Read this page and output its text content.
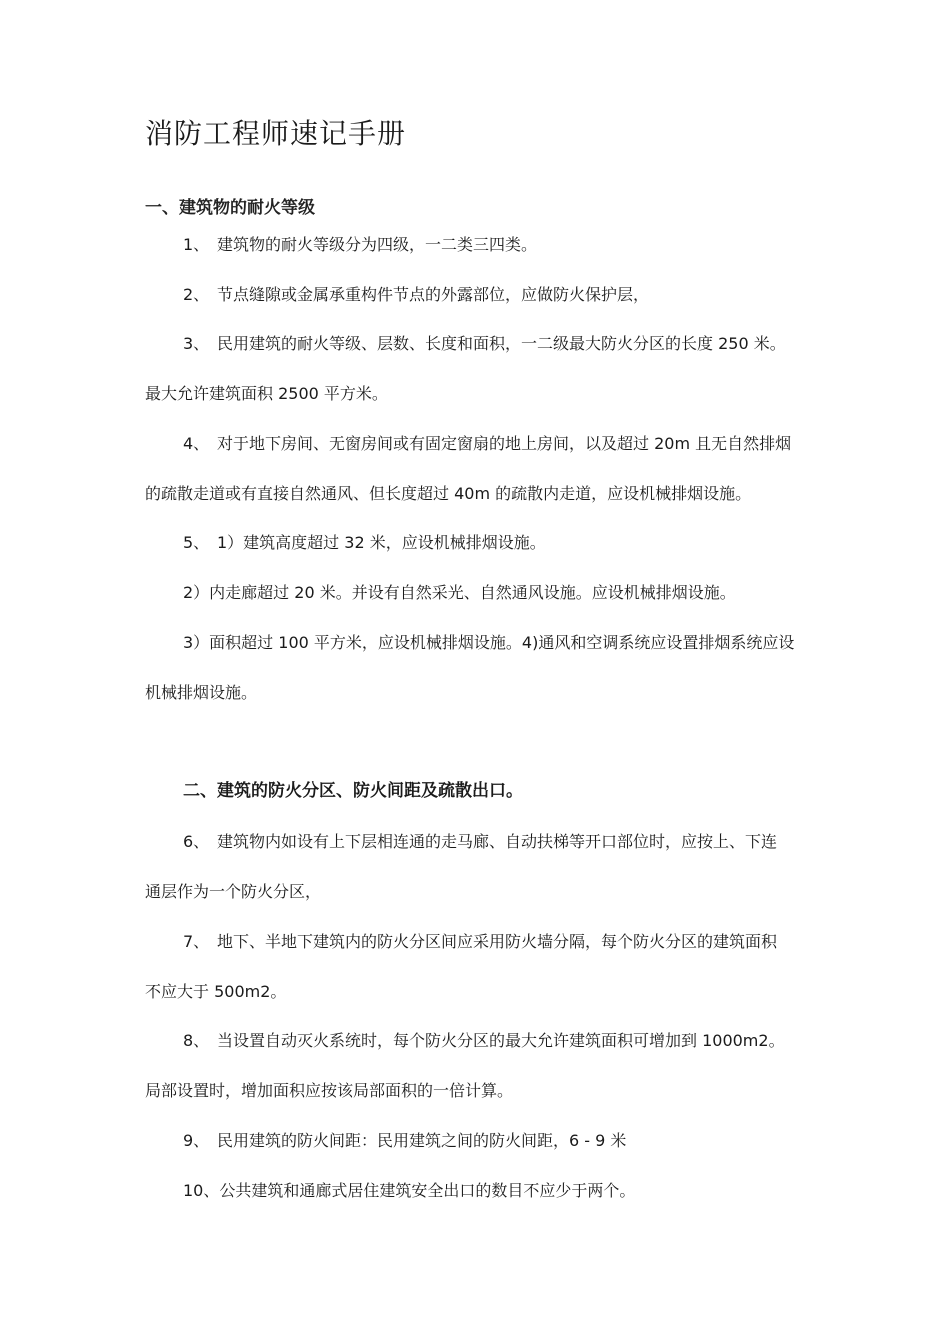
消防工程师速记手册
一、建筑物的耐火等级

1、 建筑物的耐火等级分为四级，一二类三四类。

2、 节点缝隙或金属承重构件节点的外露部位，应做防火保护层，

3、 民用建筑的耐火等级、层数、长度和面积，一二级最大防火分区的长度 250 米。

最大允许建筑面积 2500 平方米。

4、 对于地下房间、无窗房间或有固定窗扇的地上房间，以及超过 20m 且无自然排烟

的疏散走道或有直接自然通风、但长度超过 40m 的疏散内走道，应设机械排烟设施。

5、 1）建筑高度超过 32 米，应设机械排烟设施。

2）内走廊超过 20 米。并设有自然采光、自然通风设施。应设机械排烟设施。

3）面积超过 100 平方米，应设机械排烟设施。4)通风和空调系统应设置排烟系统应设

机械排烟设施。

二、建筑的防火分区、防火间距及疏散出口。

6、 建筑物内如设有上下层相连通的走马廊、自动扶梯等开口部位时，应按上、下连

通层作为一个防火分区，

7、 地下、半地下建筑内的防火分区间应采用防火墙分隔，每个防火分区的建筑面积

不应大于 500m2。

8、 当设置自动灭火系统时，每个防火分区的最大允许建筑面积可增加到 1000m2。

局部设置时，增加面积应按该局部面积的一倍计算。

9、 民用建筑的防火间距：民用建筑之间的防火间距，6 - 9 米

10、公共建筑和通廊式居住建筑安全出口的数目不应少于两个。
